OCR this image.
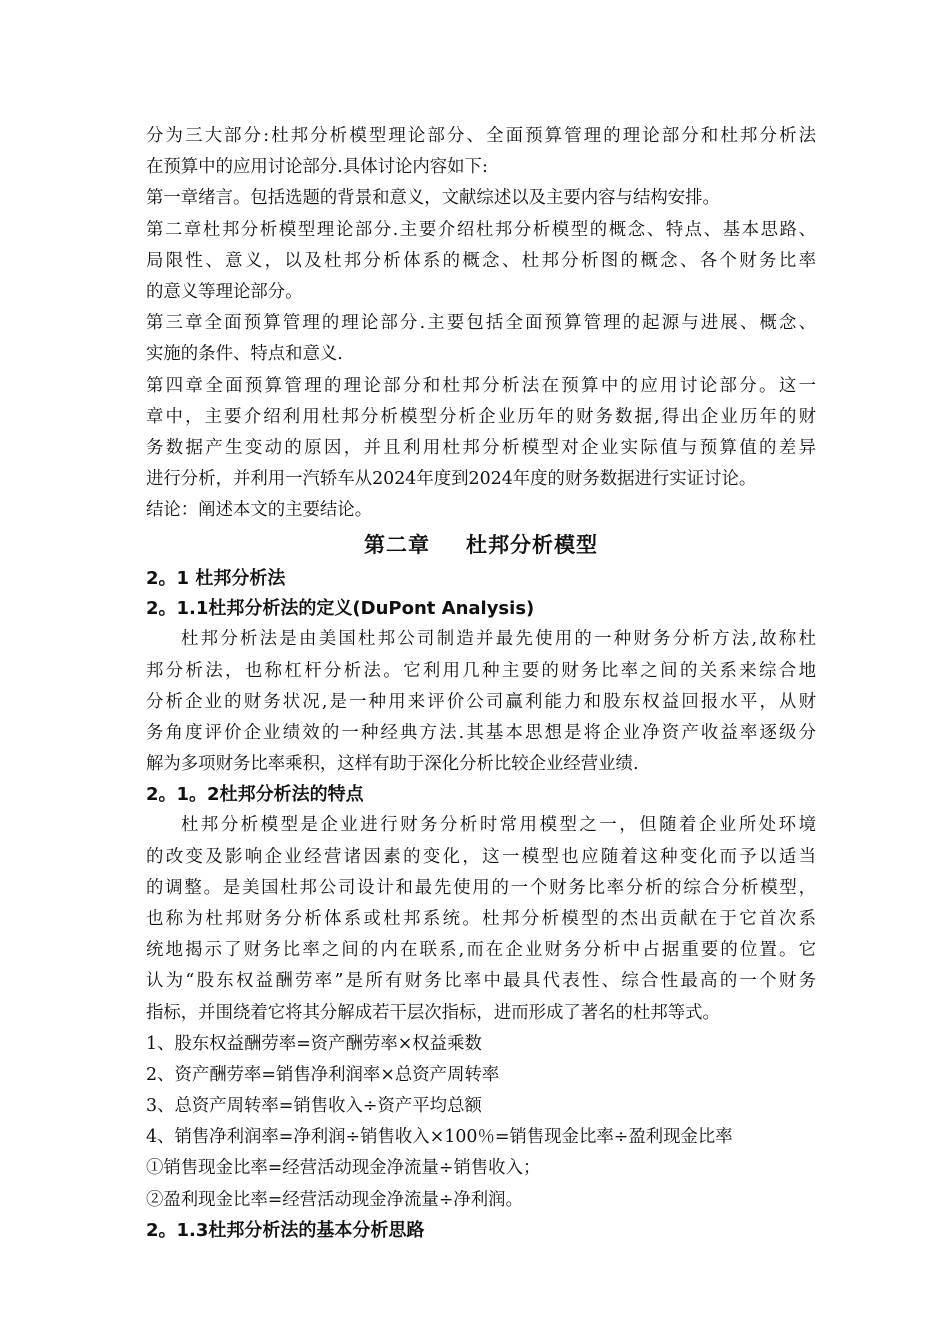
分为三大部分:杜邦分析模型理论部分、全面预算管理的理论部分和杜邦分析法
在预算中的应用讨论部分.具体讨论内容如下:
第一章绪言。包括选题的背景和意义，文献综述以及主要内容与结构安排。
第二章杜邦分析模型理论部分.主要介绍杜邦分析模型的概念、特点、基本思路、
局限性、意义，以及杜邦分析体系的概念、杜邦分析图的概念、各个财务比率
的意义等理论部分。
第三章全面预算管理的理论部分.主要包括全面预算管理的起源与进展、概念、
实施的条件、特点和意义.
第四章全面预算管理的理论部分和杜邦分析法在预算中的应用讨论部分。这一
章中，主要介绍利用杜邦分析模型分析企业历年的财务数据,得出企业历年的财
务数据产生变动的原因，并且利用杜邦分析模型对企业实际值与预算值的差异
进行分析，并利用一汽轿车从2024年度到2024年度的财务数据进行实证讨论。
结论：阐述本文的主要结论。
第二章 杜邦分析模型
2。1 杜邦分析法
2。1.1杜邦分析法的定义(DuPont Analysis)
杜邦分析法是由美国杜邦公司制造并最先使用的一种财务分析方法,故称杜
邦分析法，也称杠杆分析法。它利用几种主要的财务比率之间的关系来综合地
分析企业的财务状况,是一种用来评价公司赢利能力和股东权益回报水平，从财
务角度评价企业绩效的一种经典方法.其基本思想是将企业净资产收益率逐级分
解为多项财务比率乘积，这样有助于深化分析比较企业经营业绩.
2。1。2杜邦分析法的特点
杜邦分析模型是企业进行财务分析时常用模型之一，但随着企业所处环境
的改变及影响企业经营诸因素的变化，这一模型也应随着这种变化而予以适当
的调整。是美国杜邦公司设计和最先使用的一个财务比率分析的综合分析模型，
也称为杜邦财务分析体系或杜邦系统。杜邦分析模型的杰出贡献在于它首次系
统地揭示了财务比率之间的内在联系,而在企业财务分析中占据重要的位置。它
认为“股东权益酬劳率”是所有财务比率中最具代表性、综合性最高的一个财务
指标，并围绕着它将其分解成若干层次指标，进而形成了著名的杜邦等式。
1、股东权益酬劳率=资产酬劳率×权益乘数
2、资产酬劳率=销售净利润率×总资产周转率
3、总资产周转率=销售收入÷资产平均总额
4、销售净利润率=净利润÷销售收入×100％=销售现金比率÷盈利现金比率
①销售现金比率=经营活动现金净流量÷销售收入；
②盈利现金比率=经营活动现金净流量÷净利润。
2。1.3杜邦分析法的基本分析思路
